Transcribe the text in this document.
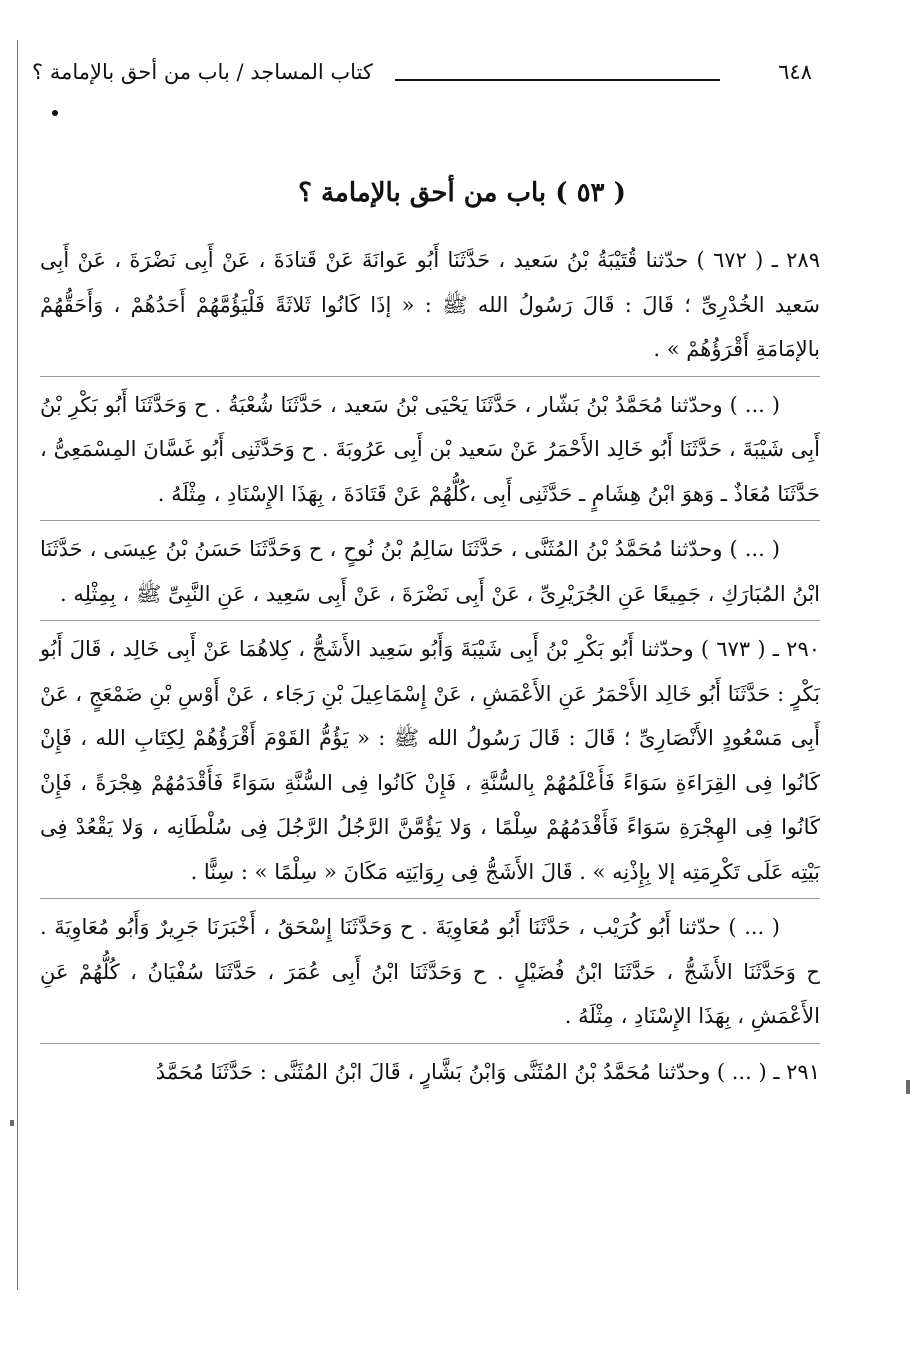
٦٤٨
كتاب المساجد / باب من أحق بالإمامة ؟
( ٥٣ ) باب من أحق بالإمامة ؟

٢٨٩ ـ ( ٦٧٢ ) حدّثنا قُتَيْبَةُ بْنُ سَعيد ، حَدَّثَنَا أَبُو عَوانَةَ عَنْ قَتادَةَ ، عَنْ أَبِى نَضْرَةَ ، عَنْ أَبِى سَعيد الخُدْرِىِّ ؛ قَالَ : قَالَ رَسُولُ الله ﷺ : « إذَا كَانُوا ثَلاثَةً فَلْيَؤُمَّهُمْ أَحَدُهُمْ ، وَأَحَقُّهُمْ بالإمَامَةِ أَقْرَؤُهُمْ » .

( ... ) وحدّثنا مُحَمَّدُ بْنُ بَشّار ، حَدَّثَنَا يَحْيَى بْنُ سَعيد ، حَدَّثَنَا شُعْبَةُ . ح وَحَدَّثَنَا أَبُو بَكْرِ بْنُ أَبِى شَيْبَةَ ، حَدَّثَنَا أَبُو خَالِد الأَحْمَرُ عَنْ سَعيد بْن أَبِى عَرُوبَةَ . ح وَحَدَّثَنِى أَبُو غَسَّانَ المِسْمَعِىُّ ، حَدَّثَنَا مُعَاذٌ ـ وَهوَ ابْنُ هِشَامٍ ـ حَدَّثَنِى أَبِى ،كُلُّهُمْ عَنْ قَتَادَةَ ، بِهَذَا الإِسْنَادِ ، مِثْلَهُ .

( ... ) وحدّثنا مُحَمَّدُ بْنُ المُثَنَّى ، حَدَّثَنَا سَالِمُ بْنُ نُوحٍ ، ح وَحَدَّثَنَا حَسَنُ بْنُ عِيسَى ، حَدَّثَنَا ابْنُ المُبَارَكِ ، جَمِيعًا عَنِ الجُرَيْرِىِّ ، عَنْ أَبِى نَضْرَةَ ، عَنْ أَبِى سَعِيد ، عَنِ النَّبِىِّ ﷺ ، بِمِثْلِه .

٢٩٠ ـ ( ٦٧٣ ) وحدّثنا أَبُو بَكْرِ بْنُ أَبِى شَيْبَةَ وَأَبُو سَعِيد الأَشَجُّ ، كِلاهُمَا عَنْ أَبِى خَالِد ، قَالَ أَبُو بَكْرٍ : حَدَّثَنَا أَبُو خَالِد الأَحْمَرُ عَنِ الأَعْمَشِ ، عَنْ إِسْمَاعِيلَ بْنِ رَجَاء ، عَنْ أَوْسِ بْنِ ضَمْعَجٍ ، عَنْ أَبِى مَسْعُودٍ الأَنْصَارِىِّ ؛ قَالَ : قَالَ رَسُولُ الله ﷺ : « يَؤُمُّ القَوْمَ أَقْرَؤُهُمْ لِكِتَابِ الله ، فَإِنْ كَانُوا فِى القِرَاءَةِ سَوَاءً فَأَعْلَمُهُمْ بِالسُّنَّةِ ، فَإِنْ كَانُوا فِى السُّنَّةِ سَوَاءً فَأَقْدَمُهُمْ هِجْرَةً ، فَإِنْ كَانُوا فِى الهِجْرَةِ سَوَاءً فَأَقْدَمُهُمْ سِلْمًا ، وَلا يَؤُمَّنَّ الرَّجُلُ الرَّجُلَ فِى سُلْطَانِه ، وَلا يَقْعُدْ فِى بَيْتِه عَلَى تَكْرِمَتِه إلا بِإِذْنِه » . قَالَ الأَشَجُّ فِى رِوَايَتِه مَكَانَ « سِلْمًا » : سِنًّا .

( ... ) حدّثنا أَبُو كُرَيْب ، حَدَّثَنَا أَبُو مُعَاوِيَةَ . ح وَحَدَّثَنَا إِسْحَقُ ، أَخْبَرَنَا جَرِيرٌ وَأَبُو مُعَاوِيَةَ . ح وَحَدَّثَنَا الأَشَجُّ ، حَدَّثَنَا ابْنُ فُضَيْلٍ . ح وَحَدَّثَنَا ابْنُ أَبِى عُمَرَ ، حَدَّثَنَا سُفْيَانُ ، كُلُّهُمْ عَنِ الأَعْمَشِ ، بِهَذَا الإِسْنَادِ ، مِثْلَهُ .

٢٩١ ـ ( ... ) وحدّثنا مُحَمَّدُ بْنُ المُثَنَّى وَابْنُ بَشَّارٍ ، قَالَ ابْنُ المُثَنَّى : حَدَّثَنَا مُحَمَّدُ
